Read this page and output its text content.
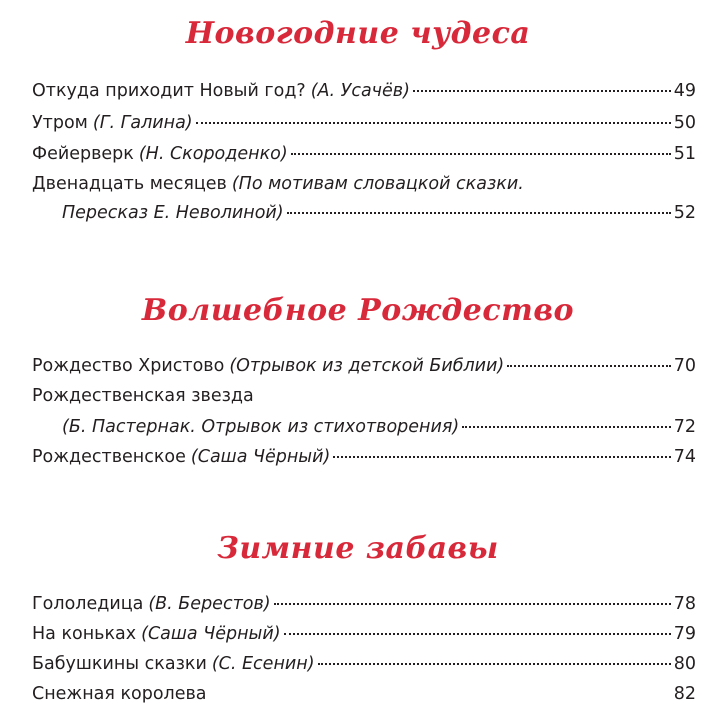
Новогодние чудеса
Откуда приходит Новый год? (А. Усачёв)	49
Утром (Г. Галина)	50
Фейерверк (Н. Скороденко)	51
Двенадцать месяцев (По мотивам словацкой сказки.
Пересказ Е. Неволиной)	52
Волшебное Рождество
Рождество Христово (Отрывок из детской Библии)	70
Рождественская звезда
(Б. Пастернак. Отрывок из стихотворения)	72
Рождественское (Саша Чёрный)	74
Зимние забавы
Гололедица (В. Берестов)	78
На коньках (Саша Чёрный)	79
Бабушкины сказки (С. Есенин)	80
Снежная королева	82
